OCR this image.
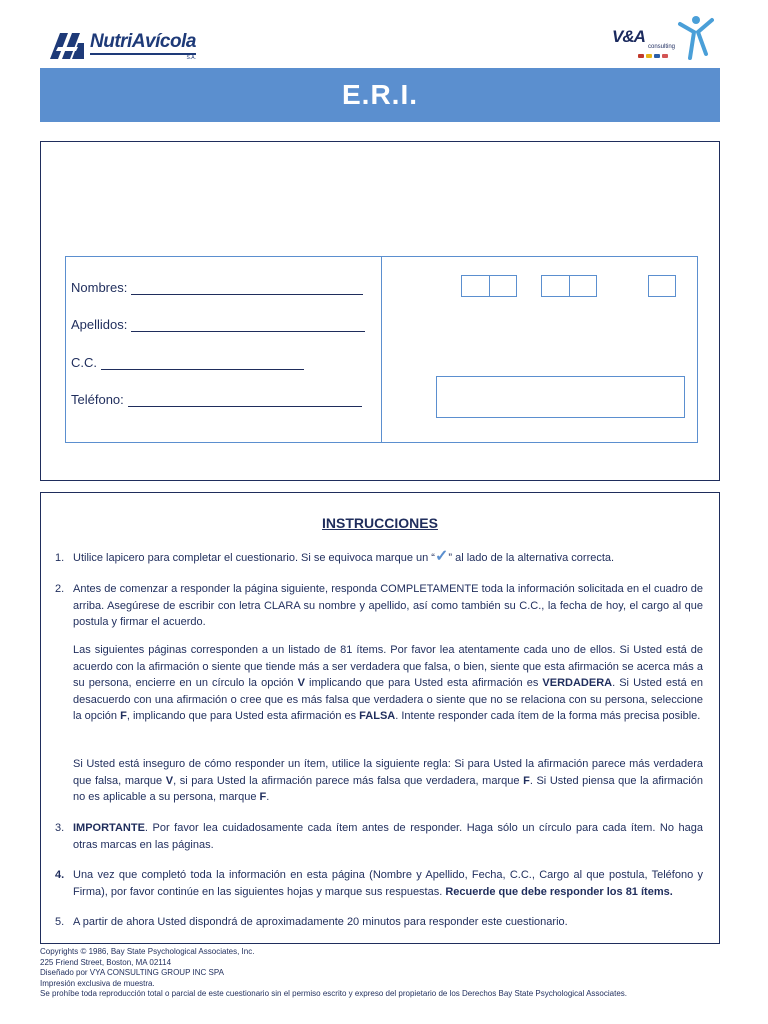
NutriAvícola
S.A.
V&A
consulting
E.R.I.
Nombres:
Apellidos:
C.C.
Teléfono:
INSTRUCCIONES
1. Utilice lapicero para completar el cuestionario. Si se equivoca marque un “✓” al lado de la alternativa correcta.
2. Antes de comenzar a responder la página siguiente, responda COMPLETAMENTE toda la información solicitada en el cuadro de arriba. Asegúrese de escribir con letra CLARA su nombre y apellido, así como también su C.C., la fecha de hoy, el cargo al que postula y firmar el acuerdo.
Las siguientes páginas corresponden a un listado de 81 ítems. Por favor lea atentamente cada uno de ellos. Si Usted está de acuerdo con la afirmación o siente que tiende más a ser verdadera que falsa, o bien, siente que esta afirmación se acerca más a su persona, encierre en un círculo la opción V implicando que para Usted esta afirmación es VERDADERA. Si Usted está en desacuerdo con una afirmación o cree que es más falsa que verdadera o siente que no se relaciona con su persona, seleccione la opción F, implicando que para Usted esta afirmación es FALSA. Intente responder cada ítem de la forma más precisa posible.
Si Usted está inseguro de cómo responder un ítem, utilice la siguiente regla: Si para Usted la afirmación parece más verdadera que falsa, marque V, si para Usted la afirmación parece más falsa que verdadera, marque F. Si Usted piensa que la afirmación no es aplicable a su persona, marque F.
3. IMPORTANTE. Por favor lea cuidadosamente cada ítem antes de responder. Haga sólo un círculo para cada ítem. No haga otras marcas en las páginas.
4. Una vez que completó toda la información en esta página (Nombre y Apellido, Fecha, C.C., Cargo al que postula, Teléfono y Firma), por favor continúe en las siguientes hojas y marque sus respuestas. Recuerde que debe responder los 81 ítems.
5. A partir de ahora Usted dispondrá de aproximadamente 20 minutos para responder este cuestionario.
Copyrights © 1986, Bay State Psychological Associates, Inc.
225 Friend Street, Boston, MA 02114
Diseñado por VYA CONSULTING GROUP INC SPA
Impresión exclusiva de muestra.
Se prohíbe toda reproducción total o parcial de este cuestionario sin el permiso escrito y expreso del propietario de los Derechos Bay State Psychological Associates.
